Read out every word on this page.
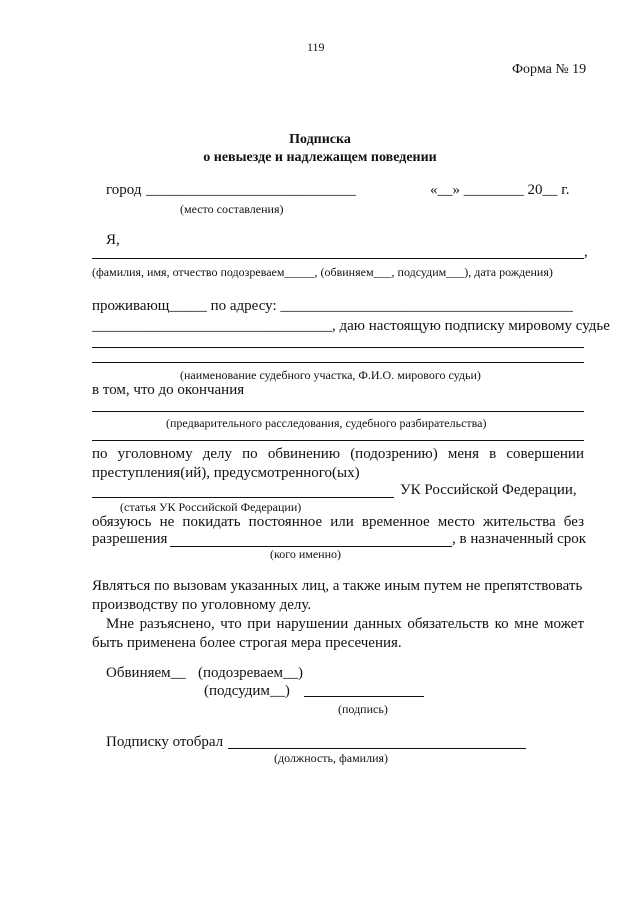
119
Форма № 19
Подписка
о невыезде и надлежащем поведении
город ____________________________
(место составления)
«__» ________ 20__ г.
Я,
,
(фамилия, имя, отчество подозреваем_____, (обвиняем___, подсудим___), дата рождения)
проживающ_____ по адресу: _______________________________________
________________________________, даю настоящую подписку мировому судье
(наименование судебного участка, Ф.И.О. мирового судьи)
в том, что до окончания
(предварительного расследования, судебного разбирательства)
по уголовному делу по обвинению (подозрению) меня в совершении
преступления(ий), предусмотренного(ых)
УК Российской Федерации,
(статья УК Российской Федерации)
обязуюсь не покидать постоянное или временное место жительства без
разрешения	, в назначенный срок
(кого именно)
Являться по вызовам указанных лиц, а также иным путем не препятствовать
производству по уголовному делу.
Мне разъяснено, что при нарушении данных обязательств ко мне может
быть применена более строгая мера пресечения.
Обвиняем__ (подозреваем__)
(подсудим__)
(подпись)
Подписку отобрал
(должность, фамилия)
